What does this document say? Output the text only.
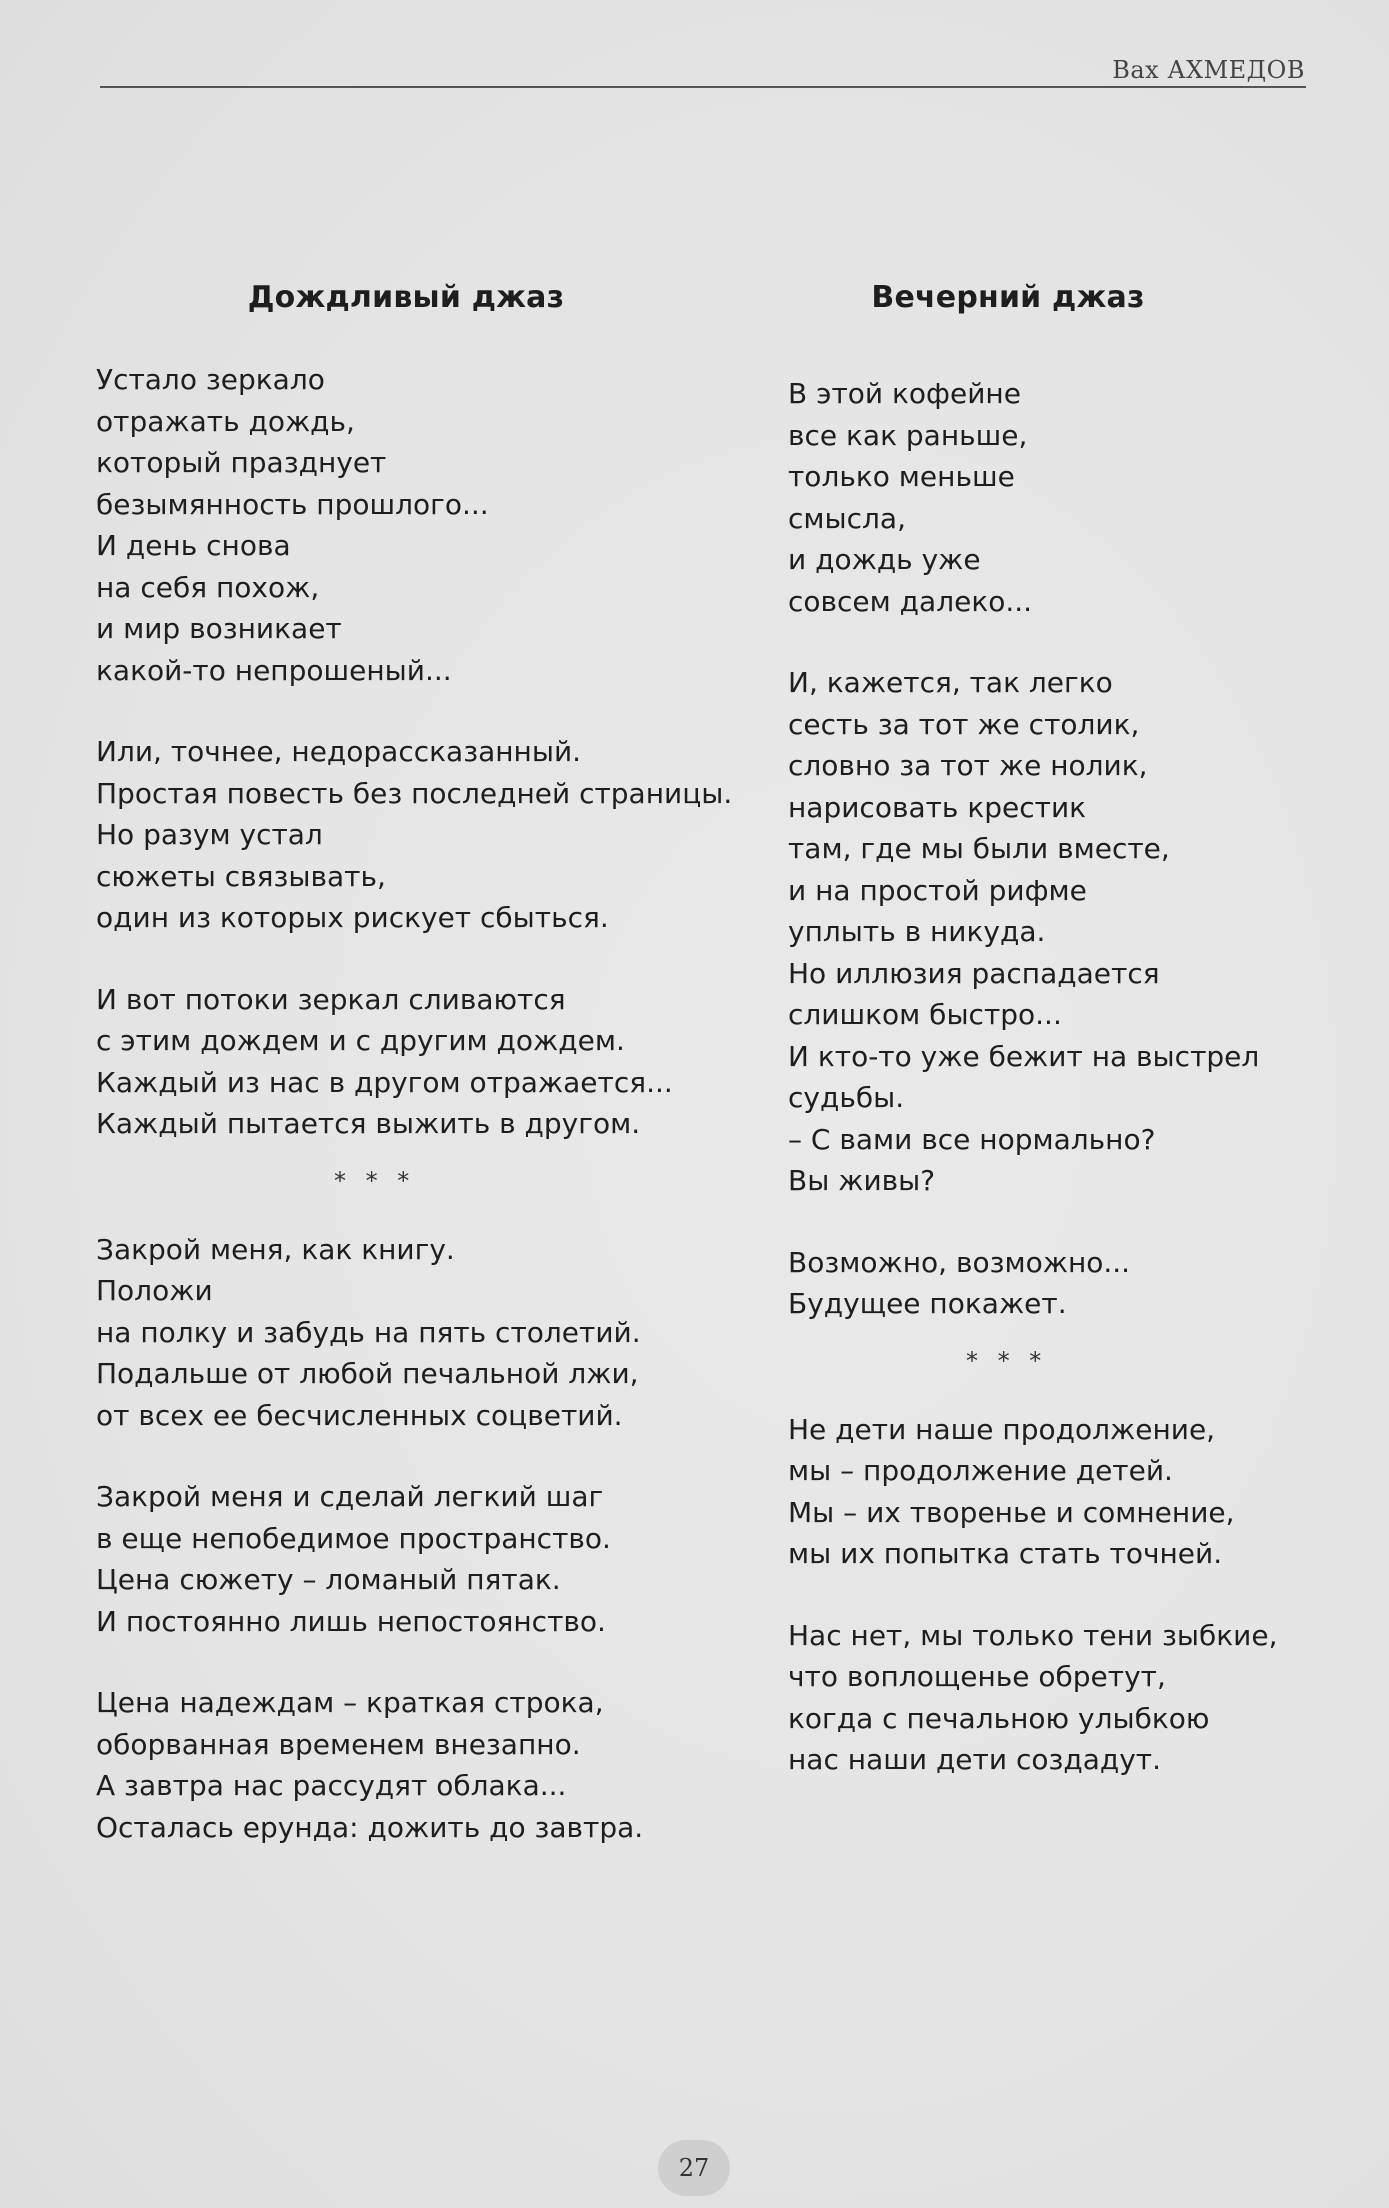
Вах АХМЕДОВ
Дождливый джаз
Устало зеркало
отражать дождь,
который празднует
безымянность прошлого...
И день снова
на себя похож,
и мир возникает
какой-то непрошеный...
Или, точнее, недорассказанный.
Простая повесть без последней страницы.
Но разум устал
сюжеты связывать,
один из которых рискует сбыться.
И вот потоки зеркал сливаются
с этим дождем и с другим дождем.
Каждый из нас в другом отражается...
Каждый пытается выжить в другом.
* * *
Закрой меня, как книгу.
Положи
на полку и забудь на пять столетий.
Подальше от любой печальной лжи,
от всех ее бесчисленных соцветий.
Закрой меня и сделай легкий шаг
в еще непобедимое пространство.
Цена сюжету – ломаный пятак.
И постоянно лишь непостоянство.
Цена надеждам – краткая строка,
оборванная временем внезапно.
А завтра нас рассудят облака...
Осталась ерунда: дожить до завтра.
Вечерний джаз
В этой кофейне
все как раньше,
только меньше
смысла,
и дождь уже
совсем далеко...
И, кажется, так легко
сесть за тот же столик,
словно за тот же нолик,
нарисовать крестик
там, где мы были вместе,
и на простой рифме
уплыть в никуда.
Но иллюзия распадается
слишком быстро...
И кто-то уже бежит на выстрел
судьбы.
– С вами все нормально?
Вы живы?
Возможно, возможно...
Будущее покажет.
* * *
Не дети наше продолжение,
мы – продолжение детей.
Мы – их творенье и сомнение,
мы их попытка стать точней.
Нас нет, мы только тени зыбкие,
что воплощенье обретут,
когда с печальною улыбкою
нас наши дети создадут.
27
